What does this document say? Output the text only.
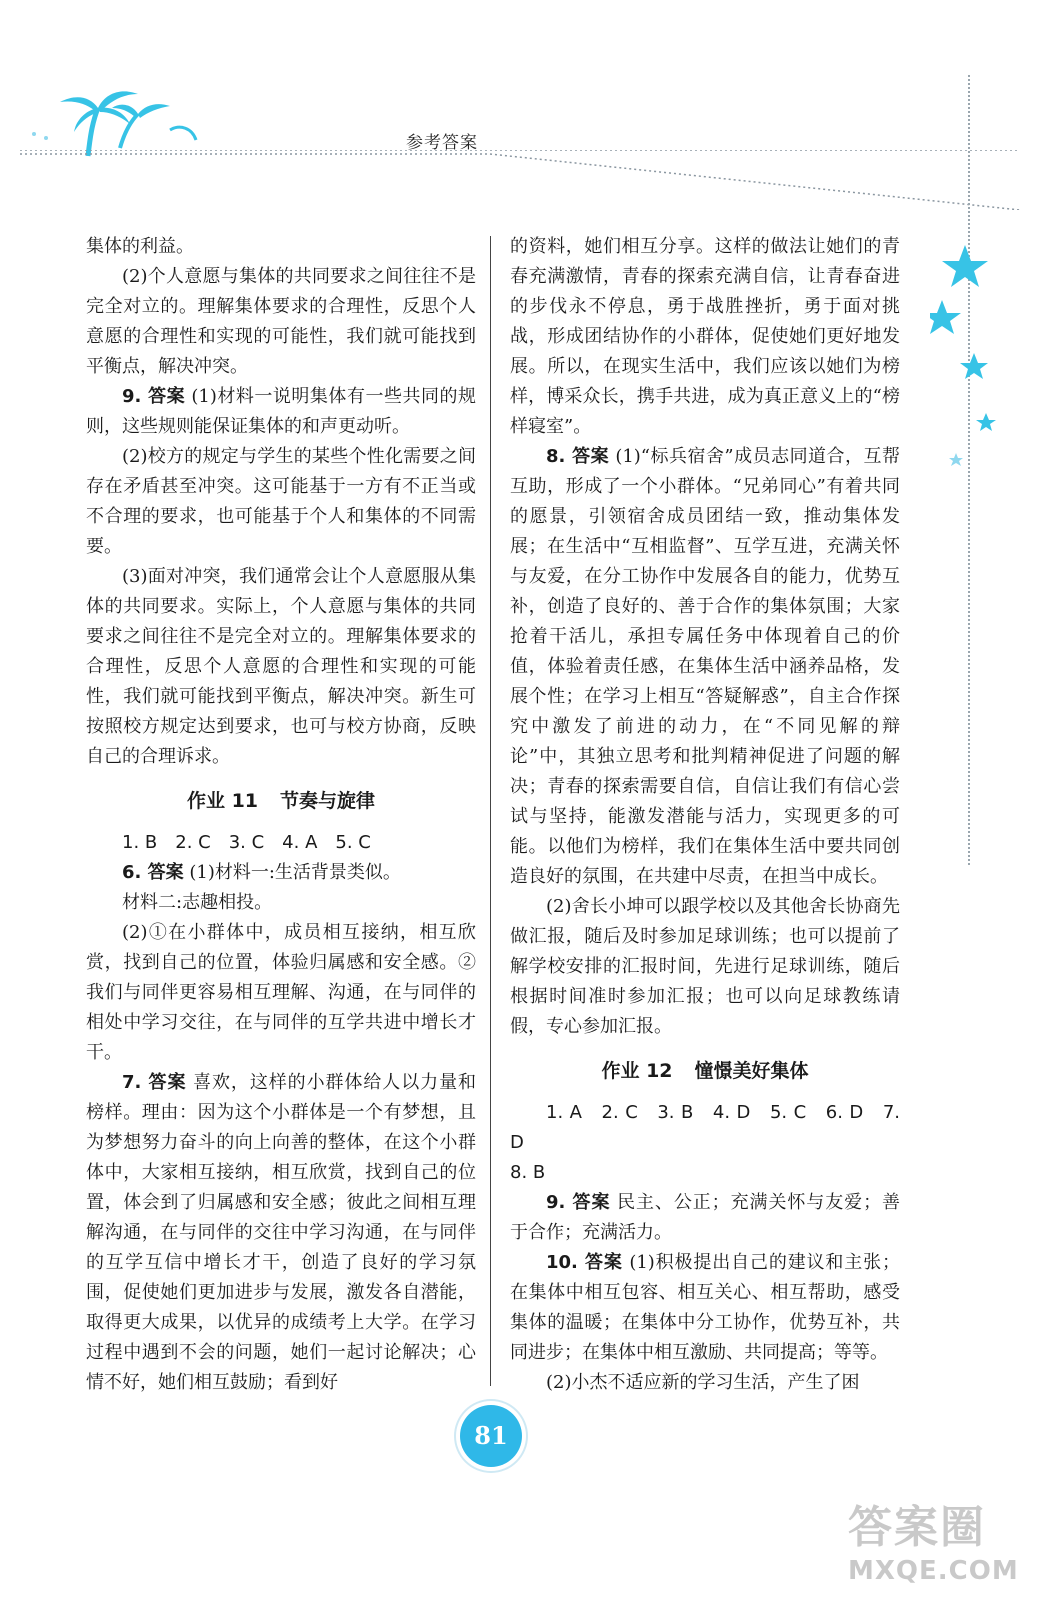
参考答案

集体的利益。

(2)个人意愿与集体的共同要求之间往往不是完全对立的。理解集体要求的合理性，反思个人意愿的合理性和实现的可能性，我们就可能找到平衡点，解决冲突。

9. 答案 (1)材料一说明集体有一些共同的规则，这些规则能保证集体的和声更动听。

(2)校方的规定与学生的某些个性化需要之间存在矛盾甚至冲突。这可能基于一方有不正当或不合理的要求，也可能基于个人和集体的不同需要。

(3)面对冲突，我们通常会让个人意愿服从集体的共同要求。实际上，个人意愿与集体的共同要求之间往往不是完全对立的。理解集体要求的合理性，反思个人意愿的合理性和实现的可能性，我们就可能找到平衡点，解决冲突。新生可按照校方规定达到要求，也可与校方协商，反映自己的合理诉求。

作业 11 节奏与旋律

1. B　2. C　3. C　4. A　5. C

6. 答案 (1)材料一:生活背景类似。

材料二:志趣相投。

(2)①在小群体中，成员相互接纳，相互欣赏，找到自己的位置，体验归属感和安全感。②我们与同伴更容易相互理解、沟通，在与同伴的相处中学习交往，在与同伴的互学共进中增长才干。

7. 答案 喜欢，这样的小群体给人以力量和榜样。理由：因为这个小群体是一个有梦想，且为梦想努力奋斗的向上向善的整体，在这个小群体中，大家相互接纳，相互欣赏，找到自己的位置，体会到了归属感和安全感；彼此之间相互理解沟通，在与同伴的交往中学习沟通，在与同伴的互学互信中增长才干，创造了良好的学习氛围，促使她们更加进步与发展，激发各自潜能，取得更大成果，以优异的成绩考上大学。在学习过程中遇到不会的问题，她们一起讨论解决；心情不好，她们相互鼓励；看到好

的资料，她们相互分享。这样的做法让她们的青春充满激情，青春的探索充满自信，让青春奋进的步伐永不停息，勇于战胜挫折，勇于面对挑战，形成团结协作的小群体，促使她们更好地发展。所以，在现实生活中，我们应该以她们为榜样，博采众长，携手共进，成为真正意义上的“榜样寝室”。

8. 答案 (1)“标兵宿舍”成员志同道合，互帮互助，形成了一个小群体。“兄弟同心”有着共同的愿景，引领宿舍成员团结一致，推动集体发展；在生活中“互相监督”、互学互进，充满关怀与友爱，在分工协作中发展各自的能力，优势互补，创造了良好的、善于合作的集体氛围；大家抢着干活儿，承担专属任务中体现着自己的价值，体验着责任感，在集体生活中涵养品格，发展个性；在学习上相互“答疑解惑”，自主合作探究中激发了前进的动力，在“不同见解的辩论”中，其独立思考和批判精神促进了问题的解决；青春的探索需要自信，自信让我们有信心尝试与坚持，能激发潜能与活力，实现更多的可能。以他们为榜样，我们在集体生活中要共同创造良好的氛围，在共建中尽责，在担当中成长。

(2)舍长小坤可以跟学校以及其他舍长协商先做汇报，随后及时参加足球训练；也可以提前了解学校安排的汇报时间，先进行足球训练，随后根据时间准时参加汇报；也可以向足球教练请假，专心参加汇报。

作业 12 憧憬美好集体

1. A　2. C　3. B　4. D　5. C　6. D　7. D

8. B

9. 答案 民主、公正；充满关怀与友爱；善于合作；充满活力。

10. 答案 (1)积极提出自己的建议和主张；在集体中相互包容、相互关心、相互帮助，感受集体的温暖；在集体中分工协作，优势互补，共同进步；在集体中相互激励、共同提高；等等。

(2)小杰不适应新的学习生活，产生了困

81
答案圈
MXQE.COM
